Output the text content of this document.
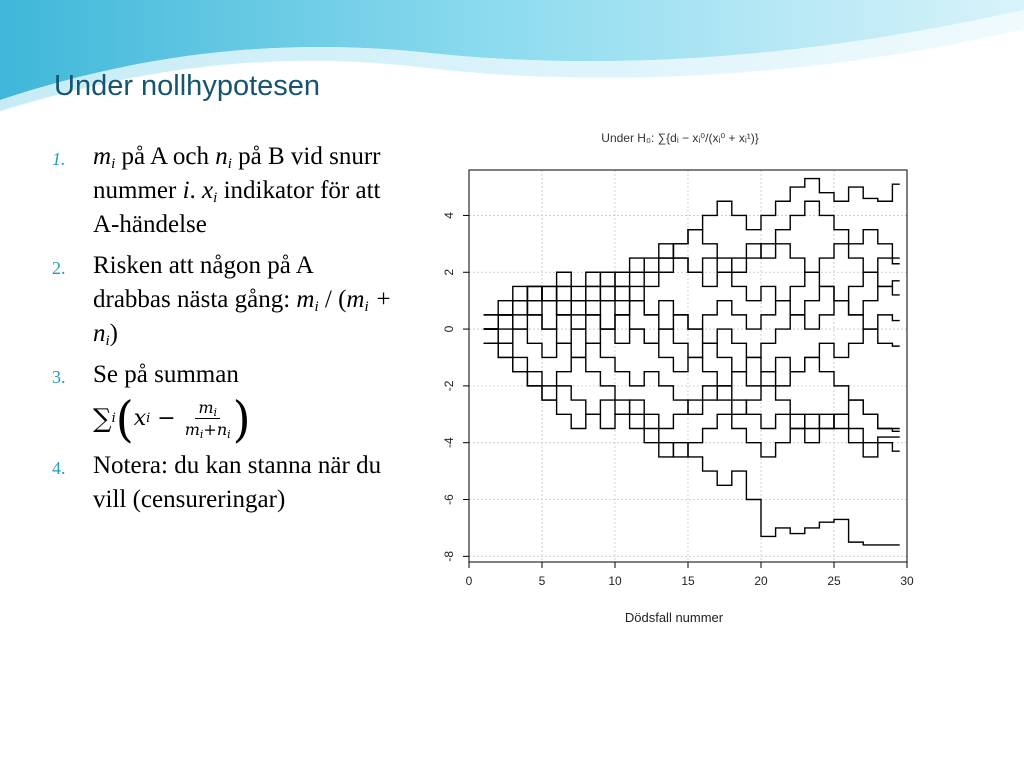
Under nollhypotesen
1. $m_i$ på A och $n_i$ på B vid snurr nummer i. $x_i$ indikator för att A-händelse
2. Risken att någon på A drabbas nästa gång: $m_i / (m_i + n_i)$
3. Se på summan

∑ i ( x $i - \frac{m_i}{m_i+n_i}$ )
4. Notera: du kan stanna när du vill (censureringar)
Under H₀: ∑{dᵢ − xᵢ⁰/(xᵢ⁰ + xᵢ¹)}
0	5	10	15	20	25	30
-8
-6
-4
-2
0
2
4
Dödsfall nummer
